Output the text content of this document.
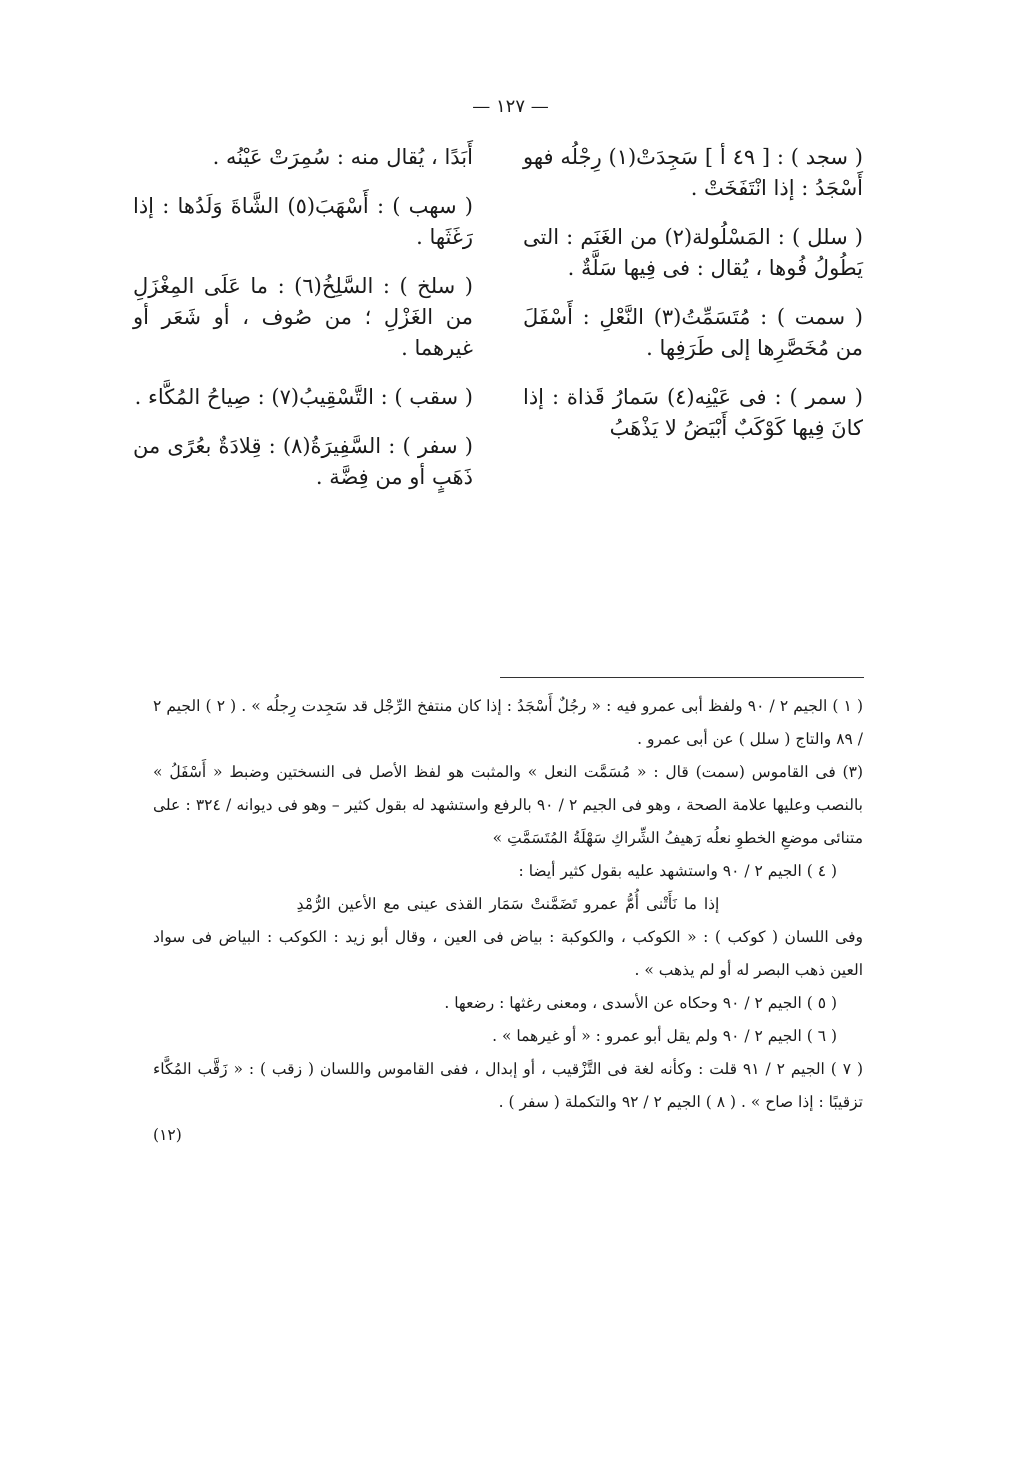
— ١٢٧ —

( سجد ) : [ ٤٩ أ ] سَجِدَتْ(١) رِجْلُه فهو أَسْجَدُ : إذا انْتَفَخَتْ .

( سلل ) : المَسْلُولة(٢) من الغَنَم : التى يَطُولُ فُوها ، يُقال : فى فِيها سَلَّةٌ .

( سمت ) : مُتَسَمِّتُ(٣) النَّعْلِ : أَسْفَلَ من مُخَصَّرِها إلى طَرَفِها .

( سمر ) : فى عَيْنِه(٤) سَمارُ قَذاة : إذا كانَ فِيها كَوْكَبٌ أَبْيَضُ لا يَذْهَبُ

أَبَدًا ، يُقال منه : سُمِرَتْ عَيْنُه .

( سهب ) : أَسْهَبَ(٥) الشَّاةَ وَلَدُها : إذا رَغَثَها .

( سلخ ) : السَّلِخُ(٦) : ما عَلَى المِغْزَلِ من الغَزْلِ ؛ من صُوف ، أو شَعَر أو غيرهما .

( سقب ) : التَّسْقِيبُ(٧) : صِياحُ المُكَّاء .

( سفر ) : السَّفِيرَةُ(٨) : قِلادَةٌ بعُرًى من ذَهَبٍ أو من فِضَّة .

( ١ ) الجيم ٢ / ٩٠ ولفظ أبى عمرو فيه : « رجُلٌ أَسْجَدُ : إذا كان منتفخ الرِّجْل قد سَجِدت رِجلُه » . ( ٢ ) الجيم ٢ / ٨٩ والتاج ( سلل ) عن أبى عمرو .

(٣) فى القاموس (سمت) قال : « مُسَمَّت النعل » والمثبت هو لفظ الأصل فى النسختين وضبط « أَسْفَلُ » بالنصب وعليها علامة الصحة ، وهو فى الجيم ٢ / ٩٠ بالرفع واستشهد له بقول كثير – وهو فى ديوانه / ٣٢٤ : على متنائى موضعِ الخطوِ نعلُه رَهيفُ الشِّراكِ سَهْلَةُ المُتَسَمَّتِ »

( ٤ ) الجيم ٢ / ٩٠ واستشهد عليه بقول كثير أيضا :

إذا ما نَأَتْنى أُمُّ عمرو تَضَمَّنتْ سَمَار القذى عينى مع الأعين الرُّمْدِ

وفى اللسان ( كوكب ) : « الكوكب ، والكوكبة : بياض فى العين ، وقال أبو زيد : الكوكب : البياض فى سواد العين ذهب البصر له أو لم يذهب » .

( ٥ ) الجيم ٢ / ٩٠ وحكاه عن الأسدى ، ومعنى رغثها : رضعها .

( ٦ ) الجيم ٢ / ٩٠ ولم يقل أبو عمرو : « أو غيرهما » .

( ٧ ) الجيم ٢ / ٩١ قلت : وكأنه لغة فى التَّزْقيب ، أو إبدال ، ففى القاموس واللسان ( زقب ) : « زَقَّب المُكَّاء تزقيبًا : إذا صاح » . ( ٨ ) الجيم ٢ / ٩٢ والتكملة ( سفر ) .

(١٢)
